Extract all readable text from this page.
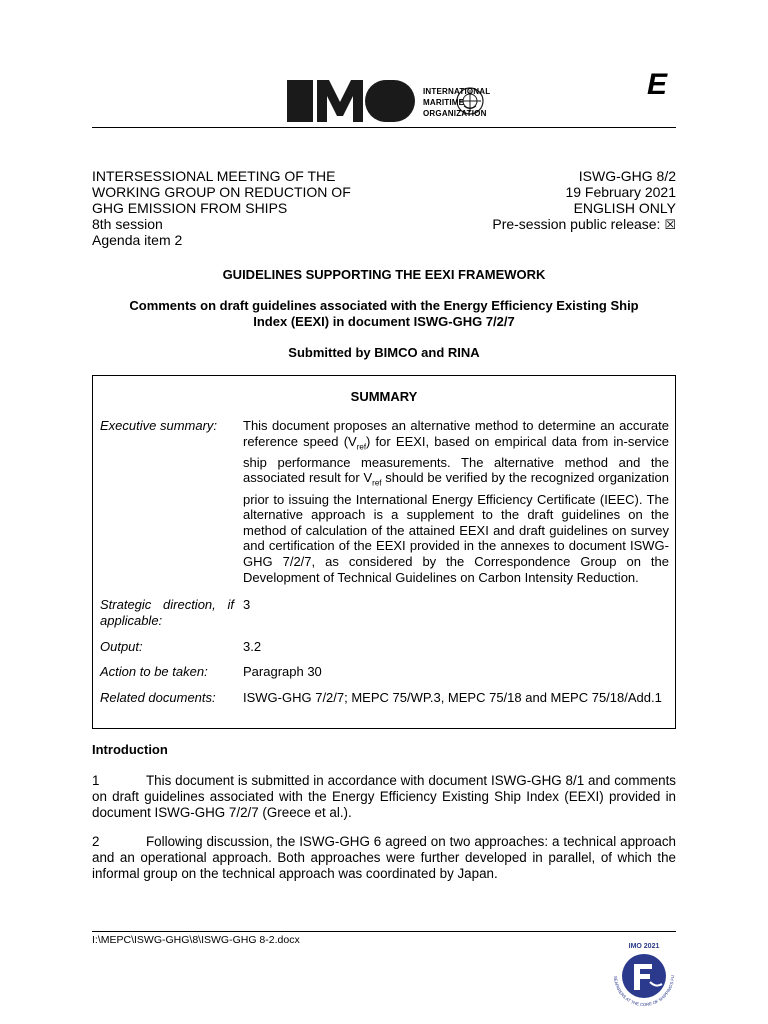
INTERNATIONAL
MARITIME
ORGANIZATION
E
INTERSESSIONAL MEETING OF THE
WORKING GROUP ON REDUCTION OF
GHG EMISSION FROM SHIPS
8th session
Agenda item 2
ISWG-GHG 8/2
19 February 2021
ENGLISH ONLY
Pre-session public release: ☒
GUIDELINES SUPPORTING THE EEXI FRAMEWORK
Comments on draft guidelines associated with the Energy Efficiency Existing Ship
Index (EEXI) in document ISWG-GHG 7/2/7
Submitted by BIMCO and RINA
SUMMARY
Executive summary:	This document proposes an alternative method to determine an accurate reference speed $(V_{ref})$ for EEXI, based on empirical data from in-service ship performance measurements. The alternative method and the associated result for $V_{ref}$ should be verified by the recognized organization prior to issuing the International Energy Efficiency Certificate (IEEC). The alternative approach is a supplement to the draft guidelines on the method of calculation of the attained EEXI and draft guidelines on survey and certification of the EEXI provided in the annexes to document ISWG-GHG 7/2/7, as considered by the Correspondence Group on the Development of Technical Guidelines on Carbon Intensity Reduction.
Strategic direction, if applicable:
3
Output:	3.2
Action to be taken:	Paragraph 30
Related documents:	ISWG-GHG 7/2/7; MEPC 75/WP.3, MEPC 75/18 and MEPC 75/18/Add.1
Introduction
1	This document is submitted in accordance with document ISWG-GHG 8/1 and comments on draft guidelines associated with the Energy Efficiency Existing Ship Index (EEXI) provided in document ISWG-GHG 7/2/7 (Greece et al.).
2	Following discussion, the ISWG-GHG 6 agreed on two approaches: a technical approach and an operational approach. Both approaches were further developed in parallel, of which the informal group on the technical approach was coordinated by Japan.
I:\MEPC\ISWG-GHG\8\ISWG-GHG 8-2.docx
IMO 2021
SEAFARERS AT THE CORE OF SHIPPING'S FU
